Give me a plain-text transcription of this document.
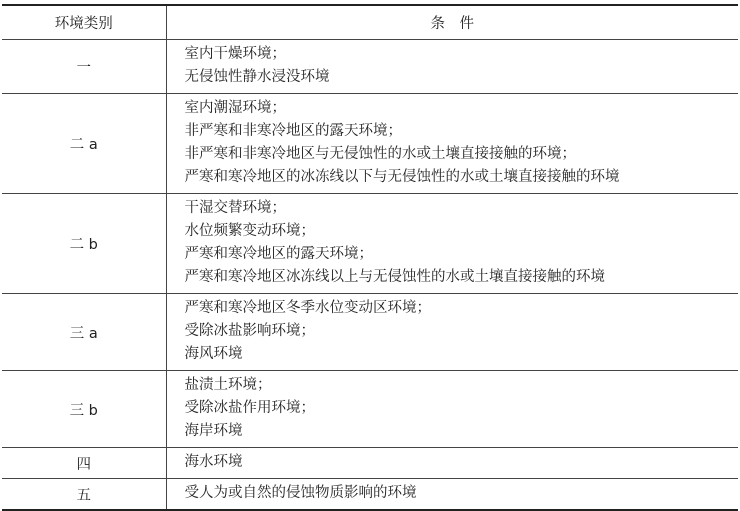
环境类别	条　件
一	室内干燥环境；
无侵蚀性静水浸没环境

二 a	室内潮湿环境；
非严寒和非寒冷地区的露天环境；
非严寒和非寒冷地区与无侵蚀性的水或土壤直接接触的环境；
严寒和寒冷地区的冰冻线以下与无侵蚀性的水或土壤直接接触的环境

二 b	干湿交替环境；
水位频繁变动环境；
严寒和寒冷地区的露天环境；
严寒和寒冷地区冰冻线以上与无侵蚀性的水或土壤直接接触的环境

三 a	严寒和寒冷地区冬季水位变动区环境；
受除冰盐影响环境；
海风环境

三 b	盐渍土环境；
受除冰盐作用环境；
海岸环境

四	海水环境

五	受人为或自然的侵蚀物质影响的环境
